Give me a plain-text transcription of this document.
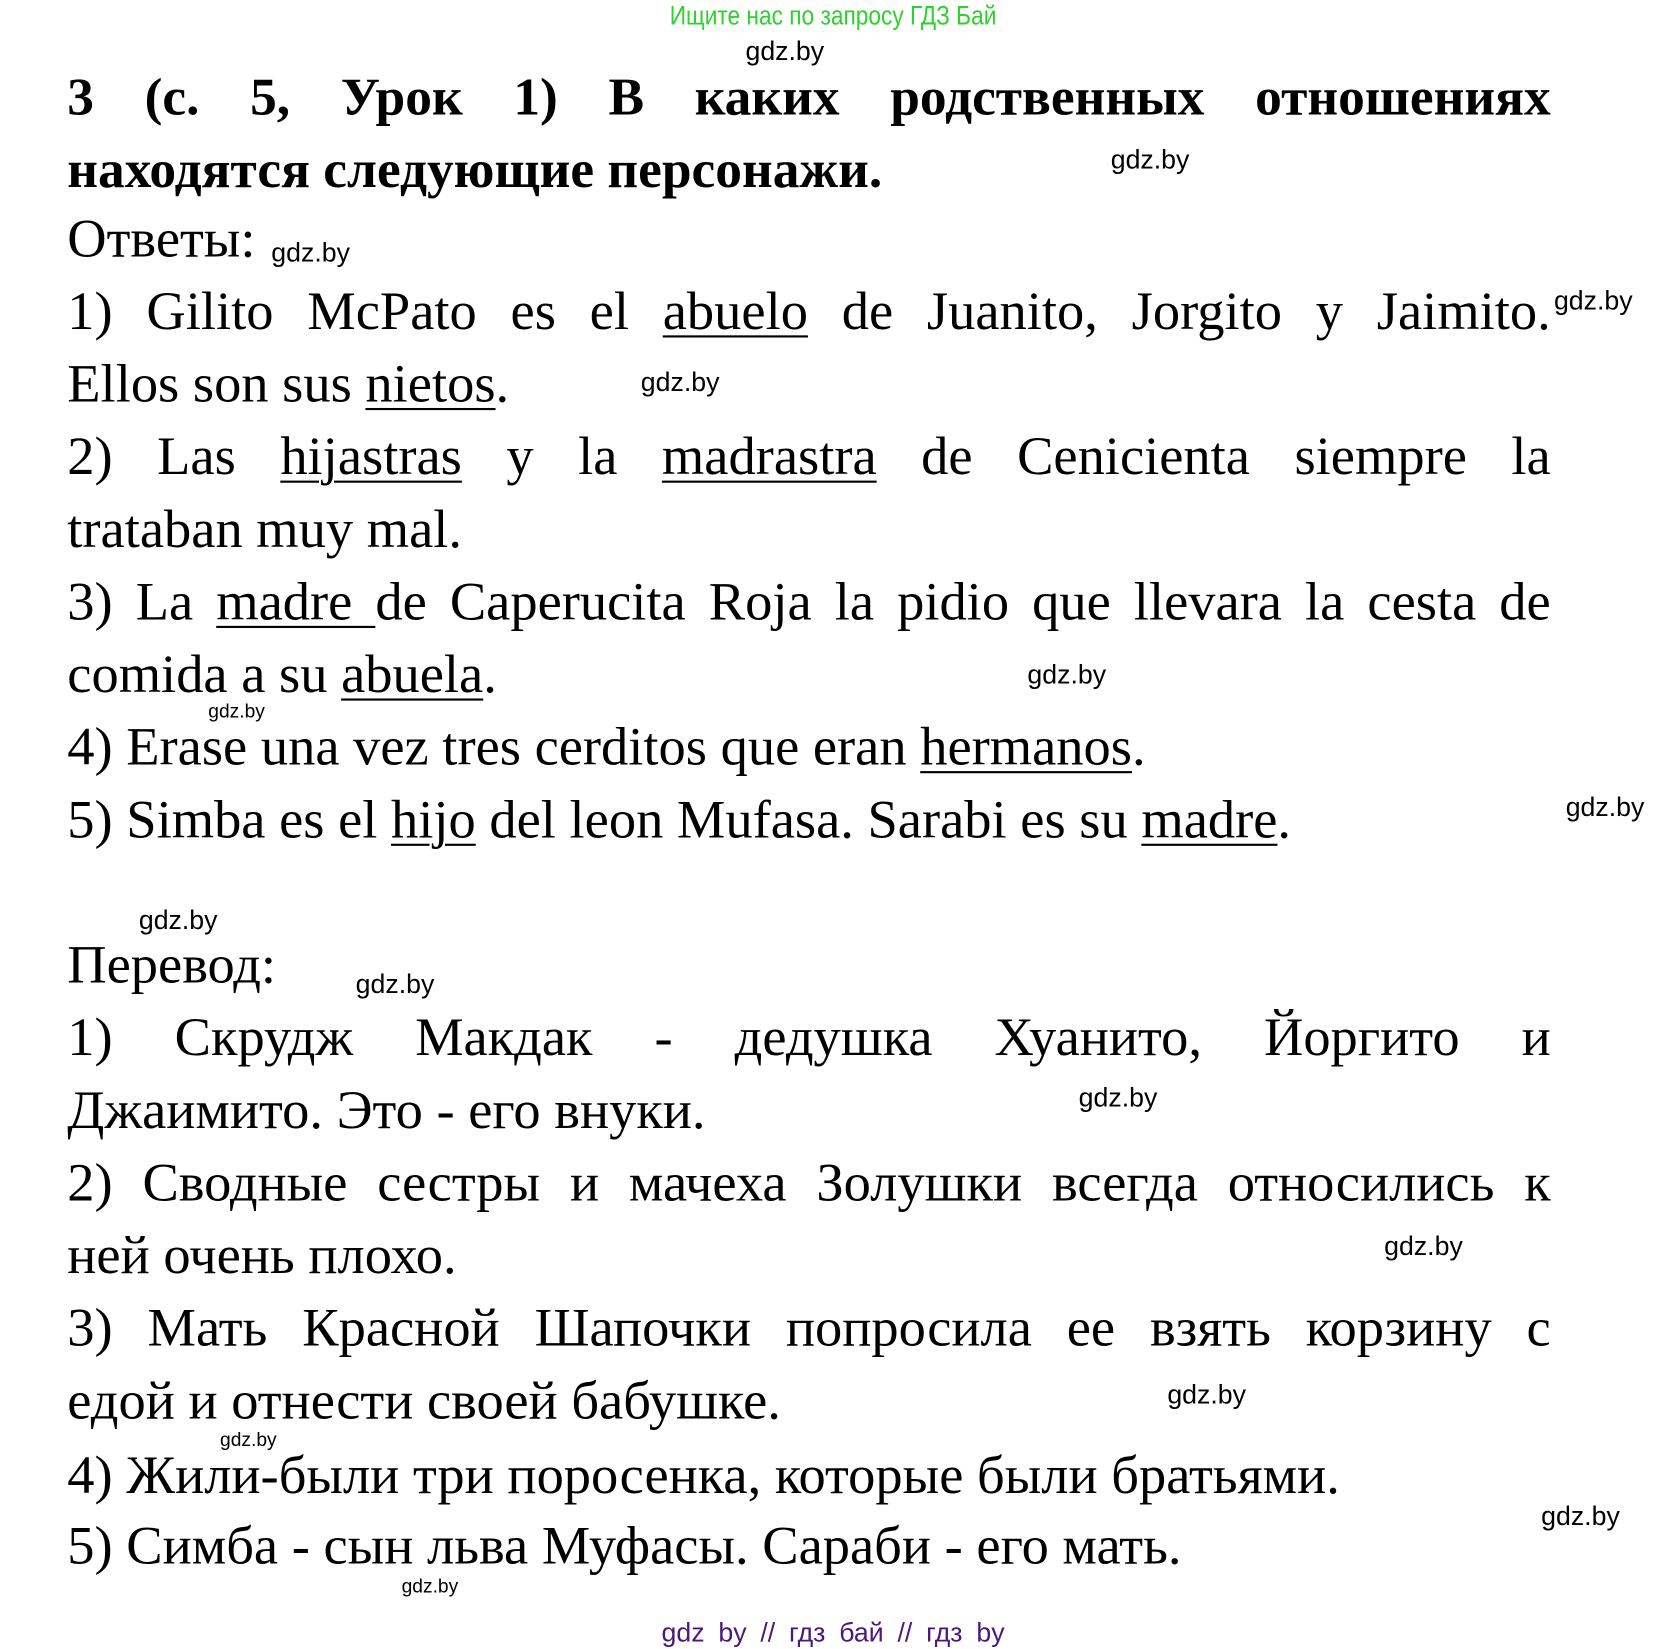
Ищите нас по запросу ГДЗ Бай
3 (с. 5, Урок 1) В каких родственных отношениях
находятся следующие персонажи.
Ответы:
1) Gilito McPato es el abuelo de Juanito, Jorgito y Jaimito.
Ellos son sus nietos.
2) Las hijastras y la madrastra de Cenicienta siempre la
trataban muy mal.
3) La madre de Caperucita Roja la pidio que llevara la cesta de
comida a su abuela.
4) Erase una vez tres cerditos que eran hermanos.
5) Simba es el hijo del leon Mufasa. Sarabi es su madre.
Перевод:
1) Скрудж Макдак - дедушка Хуанито, Йоргито и
Джаимито. Это - его внуки.
2) Сводные сестры и мачеха Золушки всегда относились к
ней очень плохо.
3) Мать Красной Шапочки попросила ее взять корзину с
едой и отнести своей бабушке.
4) Жили-были три поросенка, которые были братьями.
5) Симба - сын льва Муфасы. Сараби - его мать.
gdz.by
gdz.by
gdz.by
gdz.by
gdz.by
gdz.by
gdz.by
gdz.by
gdz.by
gdz.by
gdz.by
gdz.by
gdz.by
gdz.by
gdz.by
gdz.by
gdz by // гдз бай // гдз by
